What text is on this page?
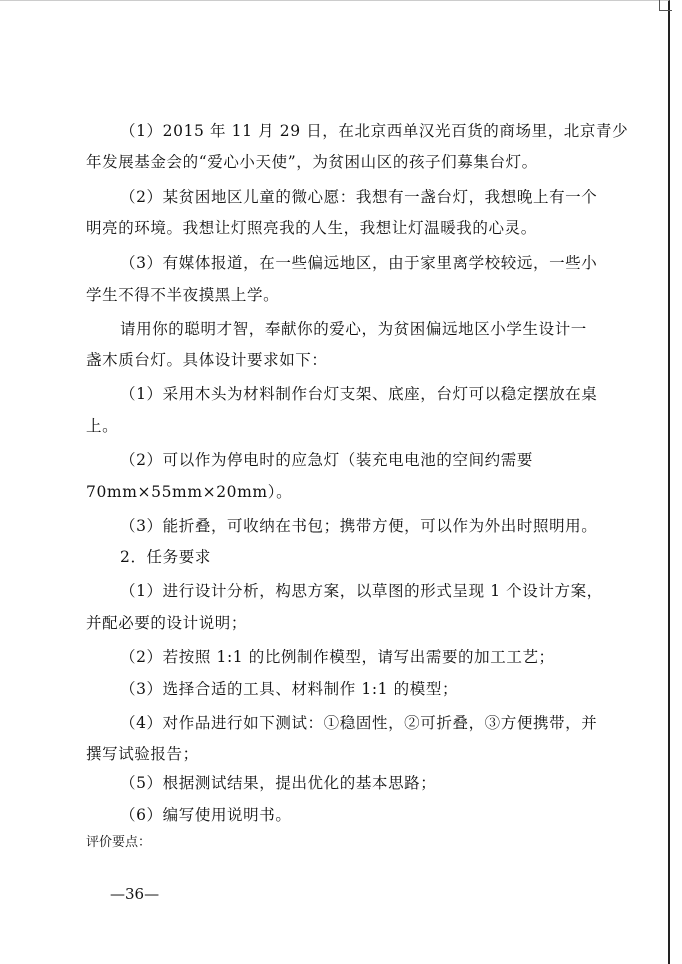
（1）2015 年 11 月 29 日，在北京西单汉光百货的商场里，北京青少
年发展基金会的“爱心小天使”，为贫困山区的孩子们募集台灯。
（2）某贫困地区儿童的微心愿：我想有一盏台灯，我想晚上有一个
明亮的环境。我想让灯照亮我的人生，我想让灯温暖我的心灵。
（3）有媒体报道，在一些偏远地区，由于家里离学校较远，一些小
学生不得不半夜摸黑上学。
请用你的聪明才智，奉献你的爱心，为贫困偏远地区小学生设计一
盏木质台灯。具体设计要求如下：
（1）采用木头为材料制作台灯支架、底座，台灯可以稳定摆放在桌
上。
（2）可以作为停电时的应急灯（装充电电池的空间约需要
70mm×55mm×20mm）。
（3）能折叠，可收纳在书包；携带方便，可以作为外出时照明用。
2．任务要求
（1）进行设计分析，构思方案，以草图的形式呈现 1 个设计方案，
并配必要的设计说明；
（2）若按照 1:1 的比例制作模型，请写出需要的加工工艺；
（3）选择合适的工具、材料制作 1:1 的模型；
（4）对作品进行如下测试：①稳固性，②可折叠，③方便携带，并
撰写试验报告；
（5）根据测试结果，提出优化的基本思路；
（6）编写使用说明书。
评价要点：
—36—
